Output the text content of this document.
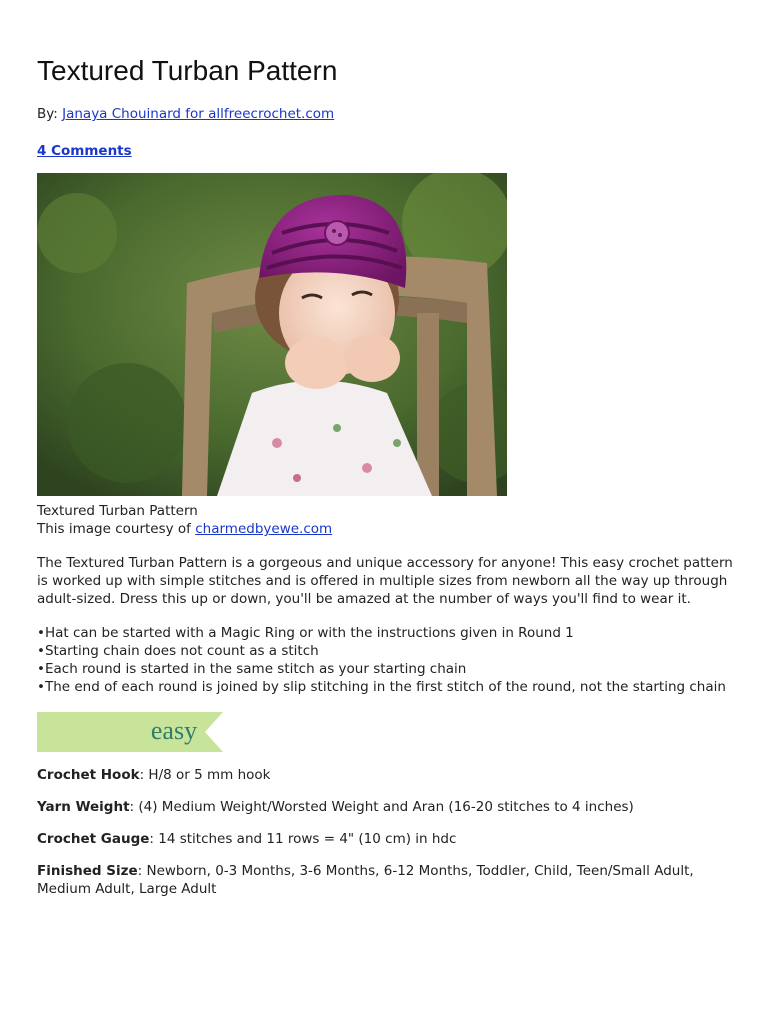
Textured Turban Pattern
By: Janaya Chouinard for allfreecrochet.com
4 Comments
Textured Turban Pattern
This image courtesy of charmedbyewe.com

The Textured Turban Pattern is a gorgeous and unique accessory for anyone! This easy crochet pattern is worked up with simple stitches and is offered in multiple sizes from newborn all the way up through adult-sized. Dress this up or down, you'll be amazed at the number of ways you'll find to wear it.

•Hat can be started with a Magic Ring or with the instructions given in Round 1
•Starting chain does not count as a stitch
•Each round is started in the same stitch as your starting chain
•The end of each round is joined by slip stitching in the first stitch of the round, not the starting chain
easy
Crochet Hook: H/8 or 5 mm hook
Yarn Weight: (4) Medium Weight/Worsted Weight and Aran (16-20 stitches to 4 inches)
Crochet Gauge: 14 stitches and 11 rows = 4" (10 cm) in hdc
Finished Size: Newborn, 0-3 Months, 3-6 Months, 6-12 Months, Toddler, Child, Teen/Small Adult, Medium Adult, Large Adult
